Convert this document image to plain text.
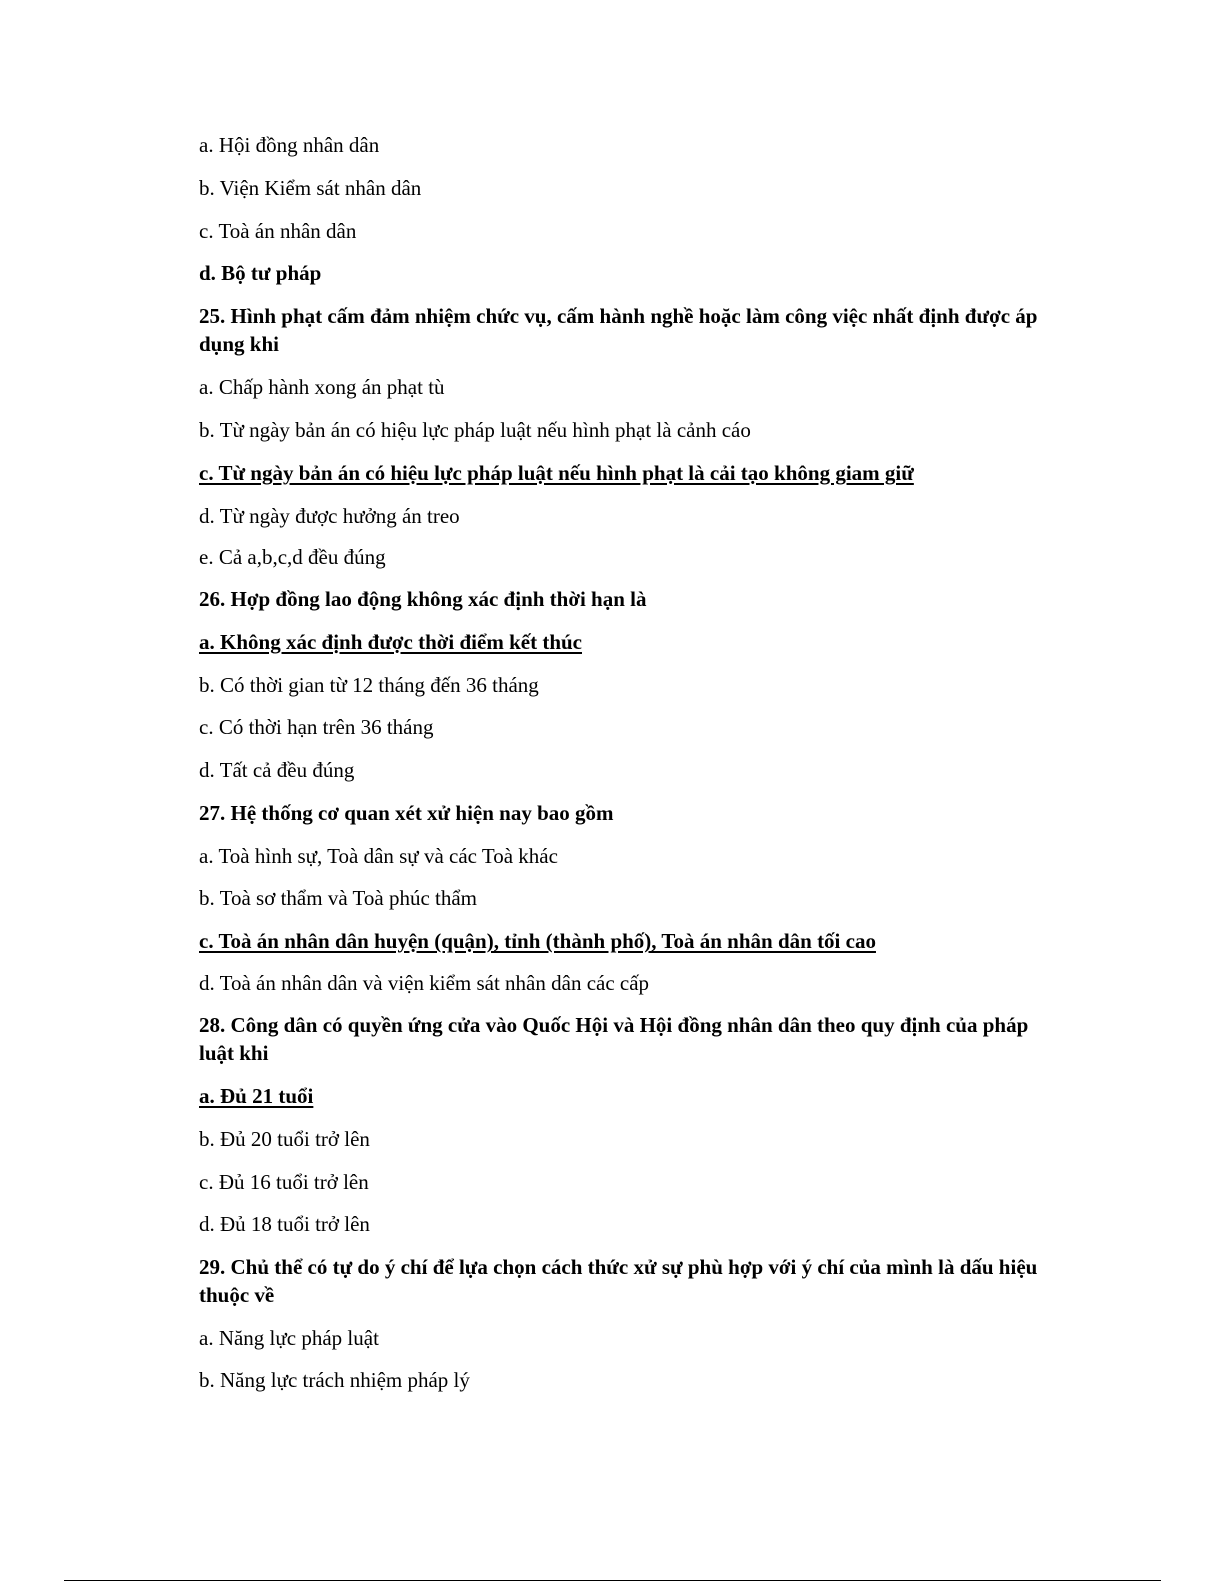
a. Hội đồng nhân dân
b. Viện Kiểm sát nhân dân
c. Toà án nhân dân
d. Bộ tư pháp
25. Hình phạt cấm đảm nhiệm chức vụ, cấm hành nghề hoặc làm công việc nhất định được áp dụng khi
a. Chấp hành xong án phạt tù
b. Từ ngày bản án có hiệu lực pháp luật nếu hình phạt là cảnh cáo
c. Từ ngày bản án có hiệu lực pháp luật nếu hình phạt là cải tạo không giam giữ
d. Từ ngày được hưởng án treo
e. Cả a,b,c,d đều đúng
26. Hợp đồng lao động không xác định thời hạn là
a. Không xác định được thời điểm kết thúc
b. Có thời gian từ 12 tháng đến 36 tháng
c. Có thời hạn trên 36 tháng
d. Tất cả đều đúng
27. Hệ thống cơ quan xét xử hiện nay bao gồm
a. Toà hình sự, Toà dân sự và các Toà khác
b. Toà sơ thẩm và Toà phúc thẩm
c. Toà án nhân dân huyện (quận), tỉnh (thành phố), Toà án nhân dân tối cao
d. Toà án nhân dân và viện kiểm sát nhân dân các cấp
28. Công dân có quyền ứng cửa vào Quốc Hội và Hội đồng nhân dân theo quy định của pháp luật khi
a. Đủ 21 tuổi
b. Đủ 20 tuổi trở lên
c. Đủ 16 tuổi trở lên
d. Đủ 18 tuổi trở lên
29. Chủ thể có tự do ý chí để lựa chọn cách thức xử sự phù hợp với ý chí của mình là dấu hiệu thuộc về
a. Năng lực pháp luật
b. Năng lực trách nhiệm pháp lý
